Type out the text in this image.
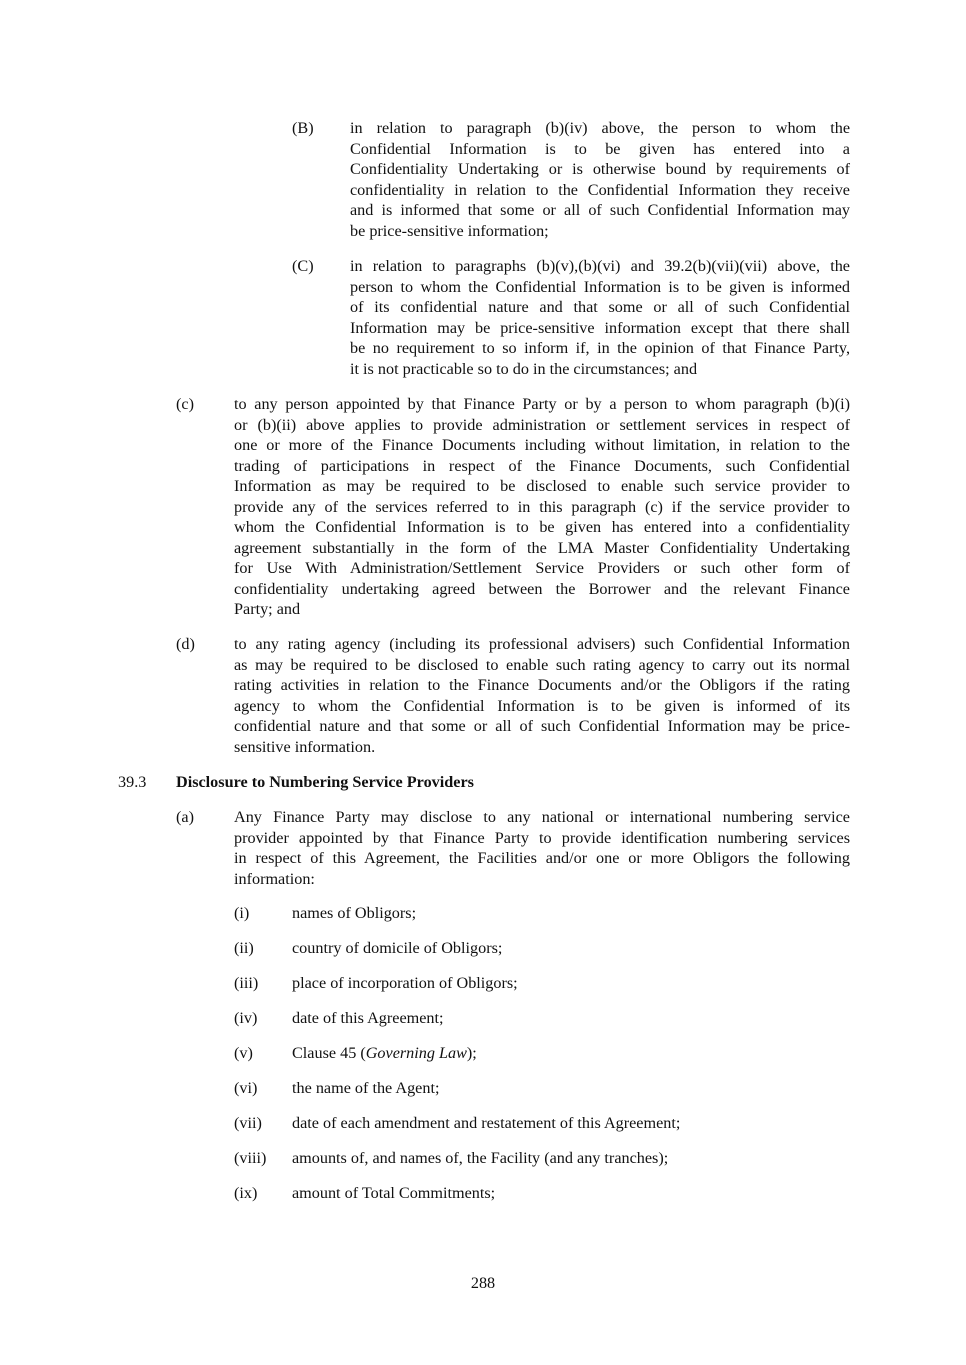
(B) in relation to paragraph (b)(iv) above, the person to whom the
Confidential Information is to be given has entered into a
Confidentiality Undertaking or is otherwise bound by requirements of
confidentiality in relation to the Confidential Information they receive
and is informed that some or all of such Confidential Information may
be price-sensitive information;
(C) in relation to paragraphs (b)(v),(b)(vi) and 39.2(b)(vii)(vii) above, the
person to whom the Confidential Information is to be given is informed
of its confidential nature and that some or all of such Confidential
Information may be price-sensitive information except that there shall
be no requirement to so inform if, in the opinion of that Finance Party,
it is not practicable so to do in the circumstances; and
(c) to any person appointed by that Finance Party or by a person to whom paragraph (b)(i)
or (b)(ii) above applies to provide administration or settlement services in respect of
one or more of the Finance Documents including without limitation, in relation to the
trading of participations in respect of the Finance Documents, such Confidential
Information as may be required to be disclosed to enable such service provider to
provide any of the services referred to in this paragraph (c) if the service provider to
whom the Confidential Information is to be given has entered into a confidentiality
agreement substantially in the form of the LMA Master Confidentiality Undertaking
for Use With Administration/Settlement Service Providers or such other form of
confidentiality undertaking agreed between the Borrower and the relevant Finance
Party; and
(d) to any rating agency (including its professional advisers) such Confidential Information
as may be required to be disclosed to enable such rating agency to carry out its normal
rating activities in relation to the Finance Documents and/or the Obligors if the rating
agency to whom the Confidential Information is to be given is informed of its
confidential nature and that some or all of such Confidential Information may be price-
sensitive information.
39.3 Disclosure to Numbering Service Providers
(a) Any Finance Party may disclose to any national or international numbering service
provider appointed by that Finance Party to provide identification numbering services
in respect of this Agreement, the Facilities and/or one or more Obligors the following
information:
(i)	names of Obligors;
(ii) country of domicile of Obligors;
(iii) place of incorporation of Obligors;
(iv) date of this Agreement;
(v) Clause 45 (Governing Law);
(vi) the name of the Agent;
(vii) date of each amendment and restatement of this Agreement;
(viii) amounts of, and names of, the Facility (and any tranches);
(ix) amount of Total Commitments;
288
